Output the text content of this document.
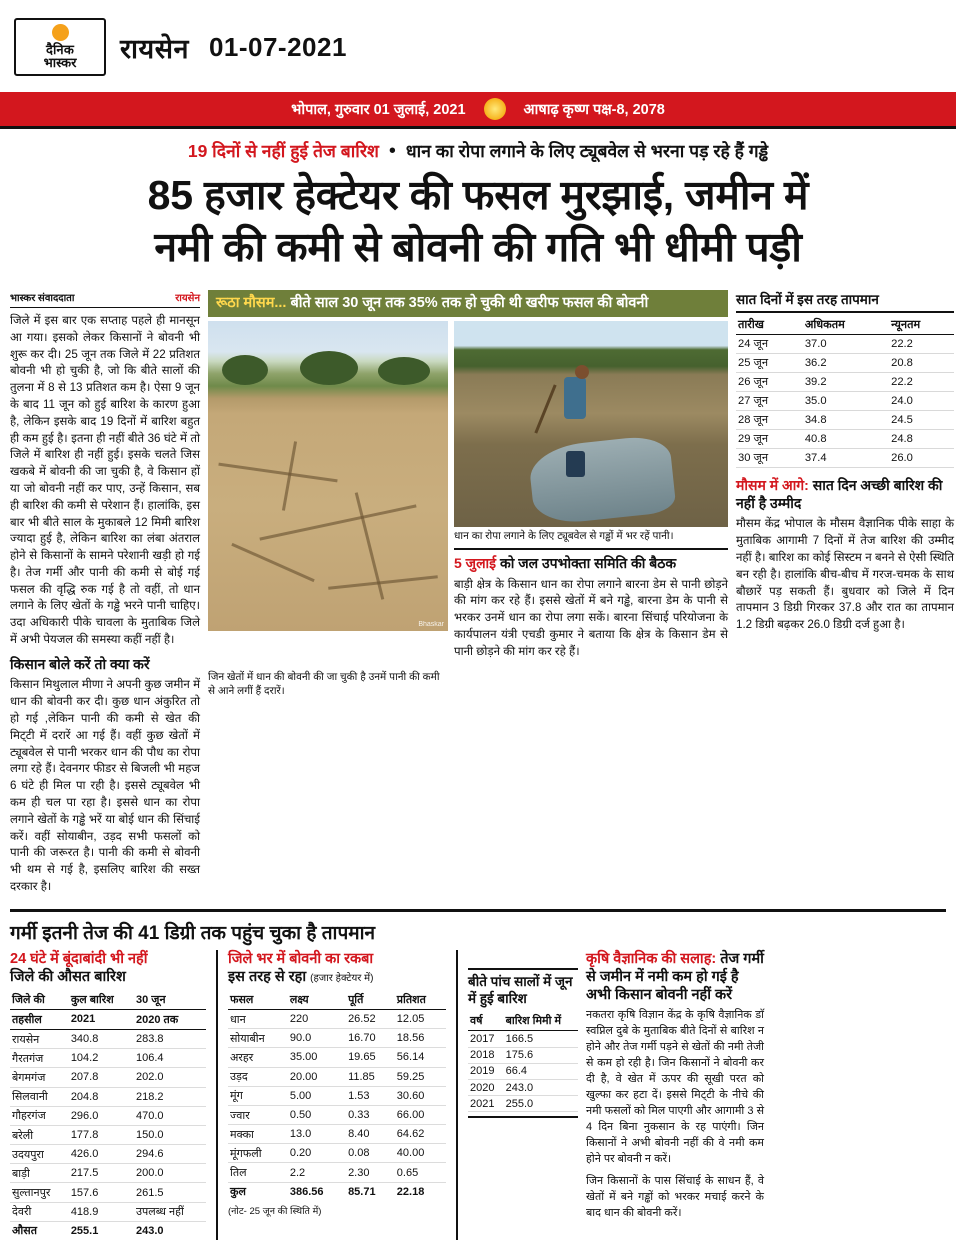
दैनिक
भास्कर रायसेन 01-07-2021
भोपाल, गुरुवार 01 जुलाई, 2021	आषाढ़ कृष्ण पक्ष-8, 2078
19 दिनों से नहीं हुई तेज बारिश • धान का रोपा लगाने के लिए ट्यूबवेल से भरना पड़ रहे हैं गड्ढे
85 हजार हेक्टेयर की फसल मुरझाई, जमीन में
नमी की कमी से बोवनी की गति भी धीमी पड़ी
भास्कर संवाददाता	रायसेन

जिले में इस बार एक सप्ताह पहले ही मानसून आ गया। इसको लेकर किसानों ने बोवनी भी शुरू कर दी। 25 जून तक जिले में 22 प्रतिशत बोवनी भी हो चुकी है, जो कि बीते सालों की तुलना में 8 से 13 प्रतिशत कम है। ऐसा 9 जून के बाद 11 जून को हुई बारिश के कारण हुआ है, लेकिन इसके बाद 19 दिनों में बारिश बहुत ही कम हुई है। इतना ही नहीं बीते 36 घंटे में तो जिले में बारिश ही नहीं हुई। इसके चलते जिस खकबे में बोवनी की जा चुकी है, वे किसान हों या जो बोवनी नहीं कर पाए, उन्हें किसान, सब ही बारिश की कमी से परेशान हैं। हालांकि, इस बार भी बीते साल के मुकाबले 12 मिमी बारिश ज्यादा हुई है, लेकिन बारिश का लंबा अंतराल होने से किसानों के सामने परेशानी खड़ी हो गई है। तेज गर्मी और पानी की कमी से बोई गई फसल की वृद्धि रुक गई है तो वहीं, तो धान लगाने के लिए खेतों के गड्ढे भरने पानी चाहिए। उदा अधिकारी पीके चावला के मुताबिक जिले में अभी पेयजल की समस्या कहीं नहीं है।

किसान बोले करें तो क्या करें

किसान मिथुलाल मीणा ने अपनी कुछ जमीन में धान की बोवनी कर दी। कुछ धान अंकुरित तो हो गई ,लेकिन पानी की कमी से खेत की मिट्‌टी में दरारें आ गई हैं। वहीं कुछ खेतों में ट्यूबवेल से पानी भरकर धान की पौध का रोपा लगा रहे हैं। देवनगर फीडर से बिजली भी महज 6 घंटे ही मिल पा रही है। इससे ट्यूबवेल भी कम ही चल पा रहा है। इससे धान का रोपा लगाने खेतों के गड्ढे भरें या बोई धान की सिंचाई करें। वहीं सोयाबीन, उड़द सभी फसलों को पानी की जरूरत है। पानी की कमी से बोवनी भी थम से गई है, इसलिए बारिश की सख्त दरकार है।

रूठा मौसम... बीते साल 30 जून तक 35% तक हो चुकी थी खरीफ फसल की बोवनी
Bhaskar
धान का रोपा लगाने के लिए ट्यूबवेल से गड्ढों में भर रहें पानी।
5 जुलाई को जल उपभोक्ता समिति की बैठक

बाड़ी क्षेत्र के किसान धान का रोपा लगाने बारना डेम से पानी छोड़ने की मांग कर रहे हैं। इससे खेतों में बने गड्ढे, बारना डेम के पानी से भरकर उनमें धान का रोपा लगा सकें। बारना सिंचाई परियोजना के कार्यपालन यंत्री एचडी कुमार ने बताया कि क्षेत्र के किसान डेम से पानी छोड़ने की मांग कर रहे हैं।

जिन खेतों में धान की बोवनी की जा चुकी है उनमें पानी की कमी से आने लगीं हैं दरारें।
सात दिनों में इस तरह तापमान
तारीख	अधिकतम	न्यूनतम
24 जून	37.0	22.2
25 जून	36.2	20.8
26 जून	39.2	22.2
27 जून	35.0	24.0
28 जून	34.8	24.5
29 जून	40.8	24.8
30 जून	37.4	26.0
मौसम में आगे: सात दिन अच्छी बारिश की नहीं है उम्मीद

मौसम केंद्र भोपाल के मौसम वैज्ञानिक पीके साहा के मुताबिक आगामी 7 दिनों में तेज बारिश की उम्मीद नहीं है। बारिश का कोई सिस्टम न बनने से ऐसी स्थिति बन रही है। हालांकि बीच-बीच में गरज-चमक के साथ बौछारें पड़ सकती हैं। बुधवार को जिले में दिन तापमान 3 डिग्री गिरकर 37.8 और रात का तापमान 1.2 डिग्री बढ़कर 26.0 डिग्री दर्ज हुआ है।

गर्मी इतनी तेज की 41 डिग्री तक पहुंच चुका है तापमान
24 घंटे में बूंदाबांदी भी नहीं
जिले की औसत बारिश
जिले की	कुल बारिश	30 जून
तहसील	2021	2020 तक
रायसेन	340.8	283.8
गैरतगंज	104.2	106.4
बेगमगंज	207.8	202.0
सिलवानी	204.8	218.2
गौहरगंज	296.0	470.0
बरेली	177.8	150.0
उदयपुरा	426.0	294.6
बाड़ी	217.5	200.0
सुल्तानपुर	157.6	261.5
देवरी	418.9	उपलब्ध नहीं
औसत	255.1	243.0
जिले भर में बोवनी का रकबा
इस तरह से रहा (हजार हेक्टेयर में)
फसल	लक्ष्य	पूर्ति	प्रतिशत
धान	220	26.52	12.05
सोयाबीन	90.0	16.70	18.56
अरहर	35.00	19.65	56.14
उड़द	20.00	11.85	59.25
मूंग	5.00	1.53	30.60
ज्वार	0.50	0.33	66.00
मक्का	13.0	8.40	64.62
मूंगफली	0.20	0.08	40.00
तिल	2.2	2.30	0.65
कुल	386.56	85.71	22.18
(नोट- 25 जून की स्थिति में)
बीते पांच सालों में जून में हुई बारिश
वर्ष	बारिश मिमी में
2017	166.5
2018	175.6
2019	66.4
2020	243.0
2021	255.0
कृषि वैज्ञानिक की सलाह: तेज गर्मी से जमीन में नमी कम हो गई है अभी किसान बोवनी नहीं करें

नकतरा कृषि विज्ञान केंद्र के कृषि वैज्ञानिक डाॅ स्वप्निल दुबे के मुताबिक बीते दिनों से बारिश न होने और तेज गर्मी पड़ने से खेतों की नमी तेजी से कम हो रही है। जिन किसानों ने बोवनी कर दी है, वे खेत में ऊपर की सूखी परत को खुल्फा कर हटा दें। इससे मिट्‌टी के नीचे की नमी फसलों को मिल पाएगी और आगामी 3 से 4 दिन बिना नुकसान के रह पाएंगी। जिन किसानों ने अभी बोवनी नहीं की वे नमी कम होने पर बोवनी न करें।

जिन किसानों के पास सिंचाई के साधन हैं, वे खेतों में बने गड्ढों को भरकर मचाई करने के बाद धान की बोवनी करें।
